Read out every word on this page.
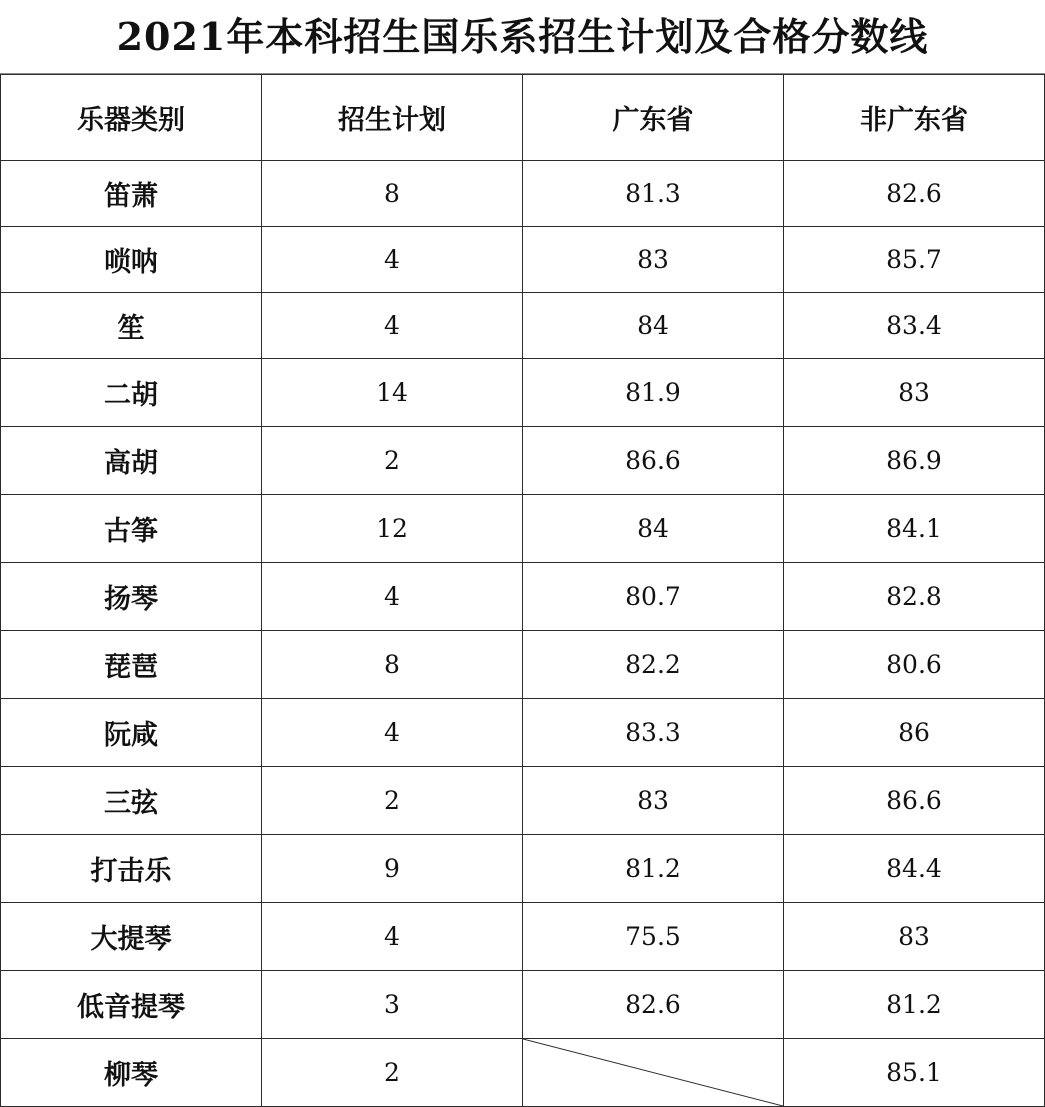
2021年本科招生国乐系招生计划及合格分数线
乐器类别	招生计划	广东省	非广东省
笛萧	8	81.3	82.6
唢呐	4	83	85.7
笙	4	84	83.4
二胡	14	81.9	83
高胡	2	86.6	86.9
古筝	12	84	84.1
扬琴	4	80.7	82.8
琵琶	8	82.2	80.6
阮咸	4	83.3	86
三弦	2	83	86.6
打击乐	9	81.2	84.4
大提琴	4	75.5	83
低音提琴	3	82.6	81.2
柳琴	2		85.1
